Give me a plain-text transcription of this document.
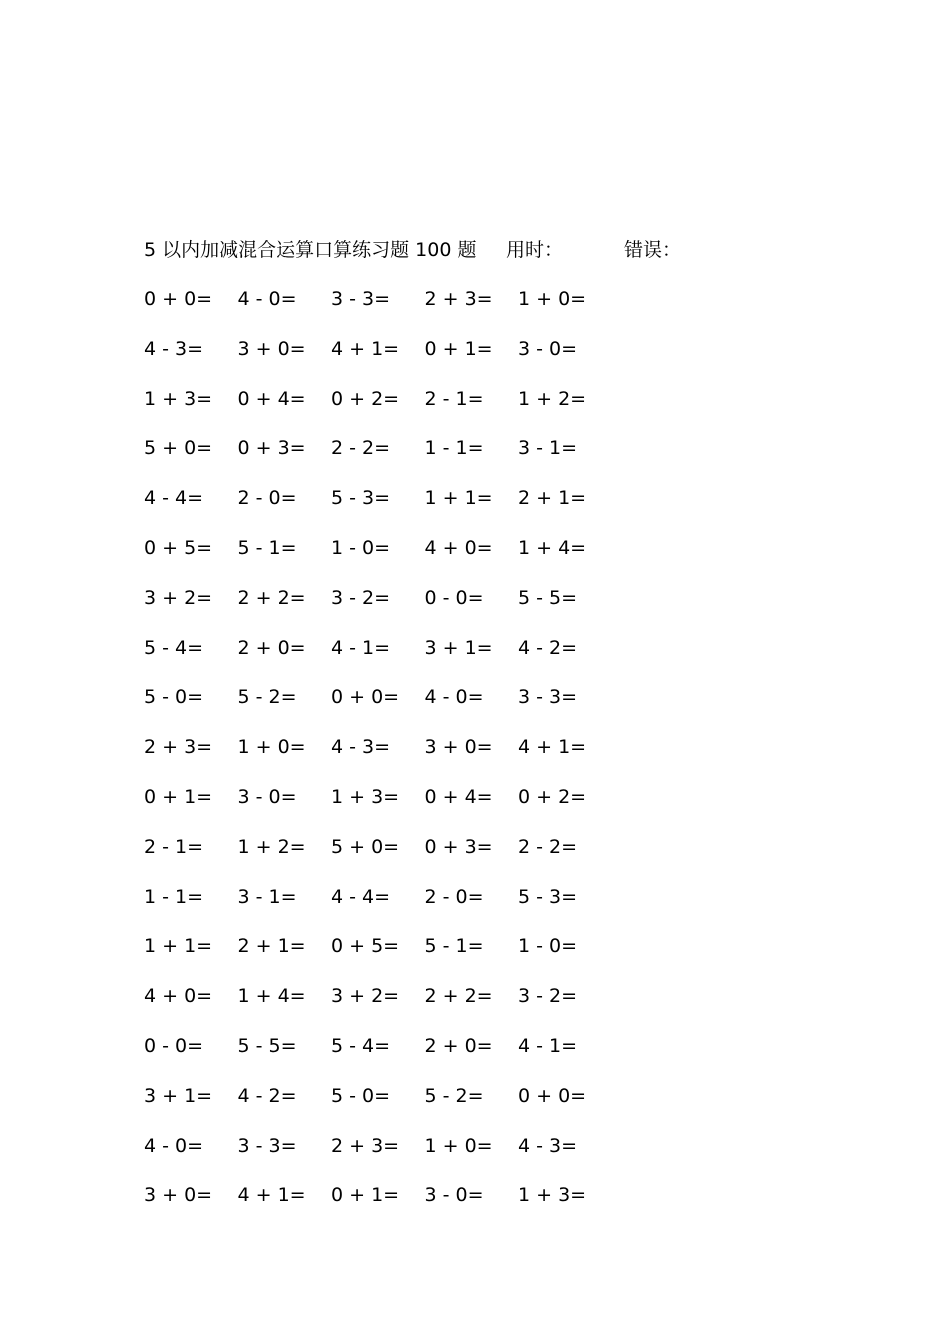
5 以内加减混合运算口算练习题 100 题 用时：	错误：
0 + 0= 4 - 0= 3 - 3= 2 + 3= 1 + 0=
4 - 3= 3 + 0= 4 + 1= 0 + 1= 3 - 0=
1 + 3= 0 + 4= 0 + 2= 2 - 1= 1 + 2=
5 + 0= 0 + 3= 2 - 2= 1 - 1= 3 - 1=
4 - 4= 2 - 0= 5 - 3= 1 + 1= 2 + 1=
0 + 5= 5 - 1= 1 - 0= 4 + 0= 1 + 4=
3 + 2= 2 + 2= 3 - 2= 0 - 0= 5 - 5=
5 - 4= 2 + 0= 4 - 1= 3 + 1= 4 - 2=
5 - 0= 5 - 2= 0 + 0= 4 - 0= 3 - 3=
2 + 3= 1 + 0= 4 - 3= 3 + 0= 4 + 1=
0 + 1= 3 - 0= 1 + 3= 0 + 4= 0 + 2=
2 - 1= 1 + 2= 5 + 0= 0 + 3= 2 - 2=
1 - 1= 3 - 1= 4 - 4= 2 - 0= 5 - 3=
1 + 1= 2 + 1= 0 + 5= 5 - 1= 1 - 0=
4 + 0= 1 + 4= 3 + 2= 2 + 2= 3 - 2=
0 - 0= 5 - 5= 5 - 4= 2 + 0= 4 - 1=
3 + 1= 4 - 2= 5 - 0= 5 - 2= 0 + 0=
4 - 0= 3 - 3= 2 + 3= 1 + 0= 4 - 3=
3 + 0= 4 + 1= 0 + 1= 3 - 0= 1 + 3=
